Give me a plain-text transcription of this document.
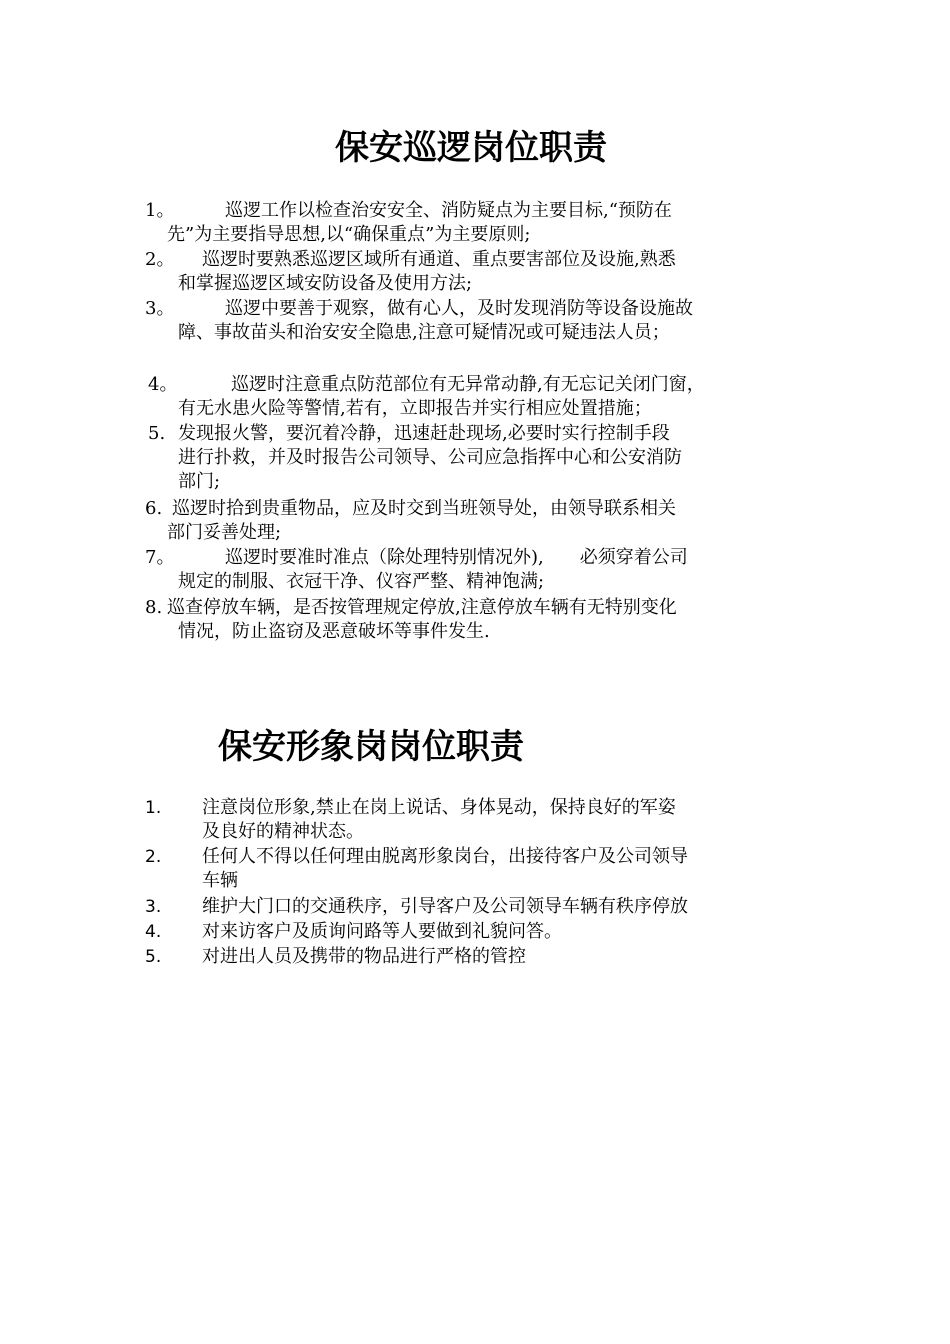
保安巡逻岗位职责
1。	巡逻工作以检查治安安全、消防疑点为主要目标,“预防在
先”为主要指导思想,以“确保重点”为主要原则;
2。	巡逻时要熟悉巡逻区域所有通道、重点要害部位及设施,熟悉
和掌握巡逻区域安防设备及使用方法;
3。	巡逻中要善于观察，做有心人，及时发现消防等设备设施故
障、事故苗头和治安安全隐患,注意可疑情况或可疑违法人员；
4。	巡逻时注意重点防范部位有无异常动静,有无忘记关闭门窗，
有无水患火险等警情,若有，立即报告并实行相应处置措施；
5. 发现报火警，要沉着冷静，迅速赶赴现场,必要时实行控制手段
进行扑救，并及时报告公司领导、公司应急指挥中心和公安消防
部门;
6. 巡逻时拾到贵重物品，应及时交到当班领导处，由领导联系相关
部门妥善处理;
7。	巡逻时要准时准点（除处理特别情况外),　　必须穿着公司
规定的制服、衣冠干净、仪容严整、精神饱满;
8. 巡查停放车辆，是否按管理规定停放,注意停放车辆有无特别变化
情况，防止盗窃及恶意破坏等事件发生.
保安形象岗岗位职责
1.	注意岗位形象,禁止在岗上说话、身体晃动，保持良好的军姿
及良好的精神状态。
2.	任何人不得以任何理由脱离形象岗台，出接待客户及公司领导
车辆
3.	维护大门口的交通秩序，引导客户及公司领导车辆有秩序停放
4.	对来访客户及质询问路等人要做到礼貌问答。
5.	对进出人员及携带的物品进行严格的管控
